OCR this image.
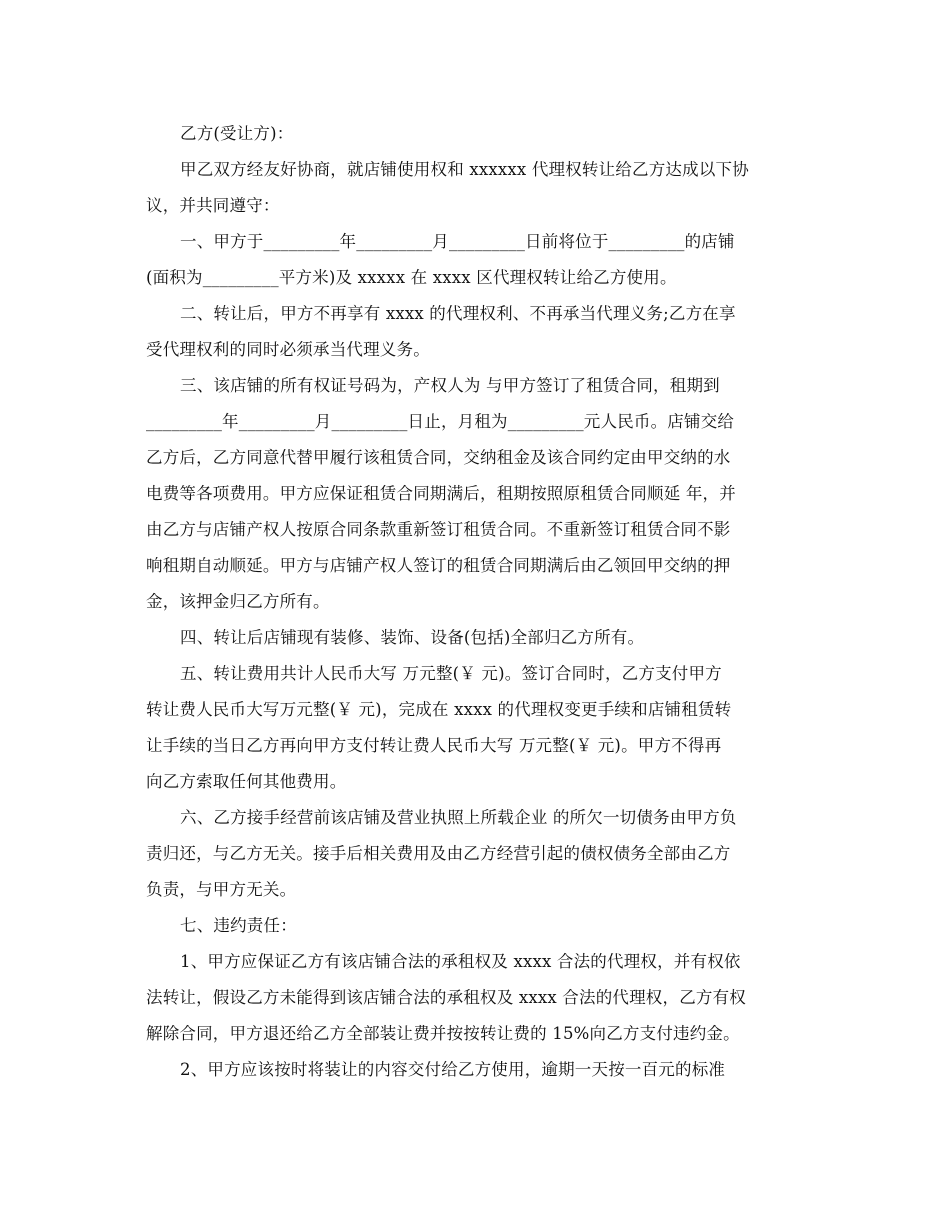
乙方(受让方)：
甲乙双方经友好协商，就店铺使用权和 xxxxxx 代理权转让给乙方达成以下协
议，并共同遵守：
一、甲方于_________年_________月_________日前将位于_________的店铺
(面积为_________平方米)及 xxxxx 在 xxxx 区代理权转让给乙方使用。
二、转让后，甲方不再享有 xxxx 的代理权利、不再承当代理义务;乙方在享
受代理权利的同时必须承当代理义务。
三、该店铺的所有权证号码为，产权人为 与甲方签订了租赁合同，租期到
_________年_________月_________日止，月租为_________元人民币。店铺交给
乙方后，乙方同意代替甲履行该租赁合同，交纳租金及该合同约定由甲交纳的水
电费等各项费用。甲方应保证租赁合同期满后，租期按照原租赁合同顺延 年，并
由乙方与店铺产权人按原合同条款重新签订租赁合同。不重新签订租赁合同不影
响租期自动顺延。甲方与店铺产权人签订的租赁合同期满后由乙领回甲交纳的押
金，该押金归乙方所有。
四、转让后店铺现有装修、装饰、设备(包括)全部归乙方所有。
五、转让费用共计人民币大写 万元整(￥ 元)。签订合同时，乙方支付甲方
转让费人民币大写万元整(￥ 元)，完成在 xxxx 的代理权变更手续和店铺租赁转
让手续的当日乙方再向甲方支付转让费人民币大写 万元整(￥ 元)。甲方不得再
向乙方索取任何其他费用。
六、乙方接手经营前该店铺及营业执照上所载企业 的所欠一切债务由甲方负
责归还，与乙方无关。接手后相关费用及由乙方经营引起的债权债务全部由乙方
负责，与甲方无关。
七、违约责任：
1、甲方应保证乙方有该店铺合法的承租权及 xxxx 合法的代理权，并有权依
法转让，假设乙方未能得到该店铺合法的承租权及 xxxx 合法的代理权，乙方有权
解除合同，甲方退还给乙方全部装让费并按按转让费的 15%向乙方支付违约金。
2、甲方应该按时将装让的内容交付给乙方使用，逾期一天按一百元的标准
